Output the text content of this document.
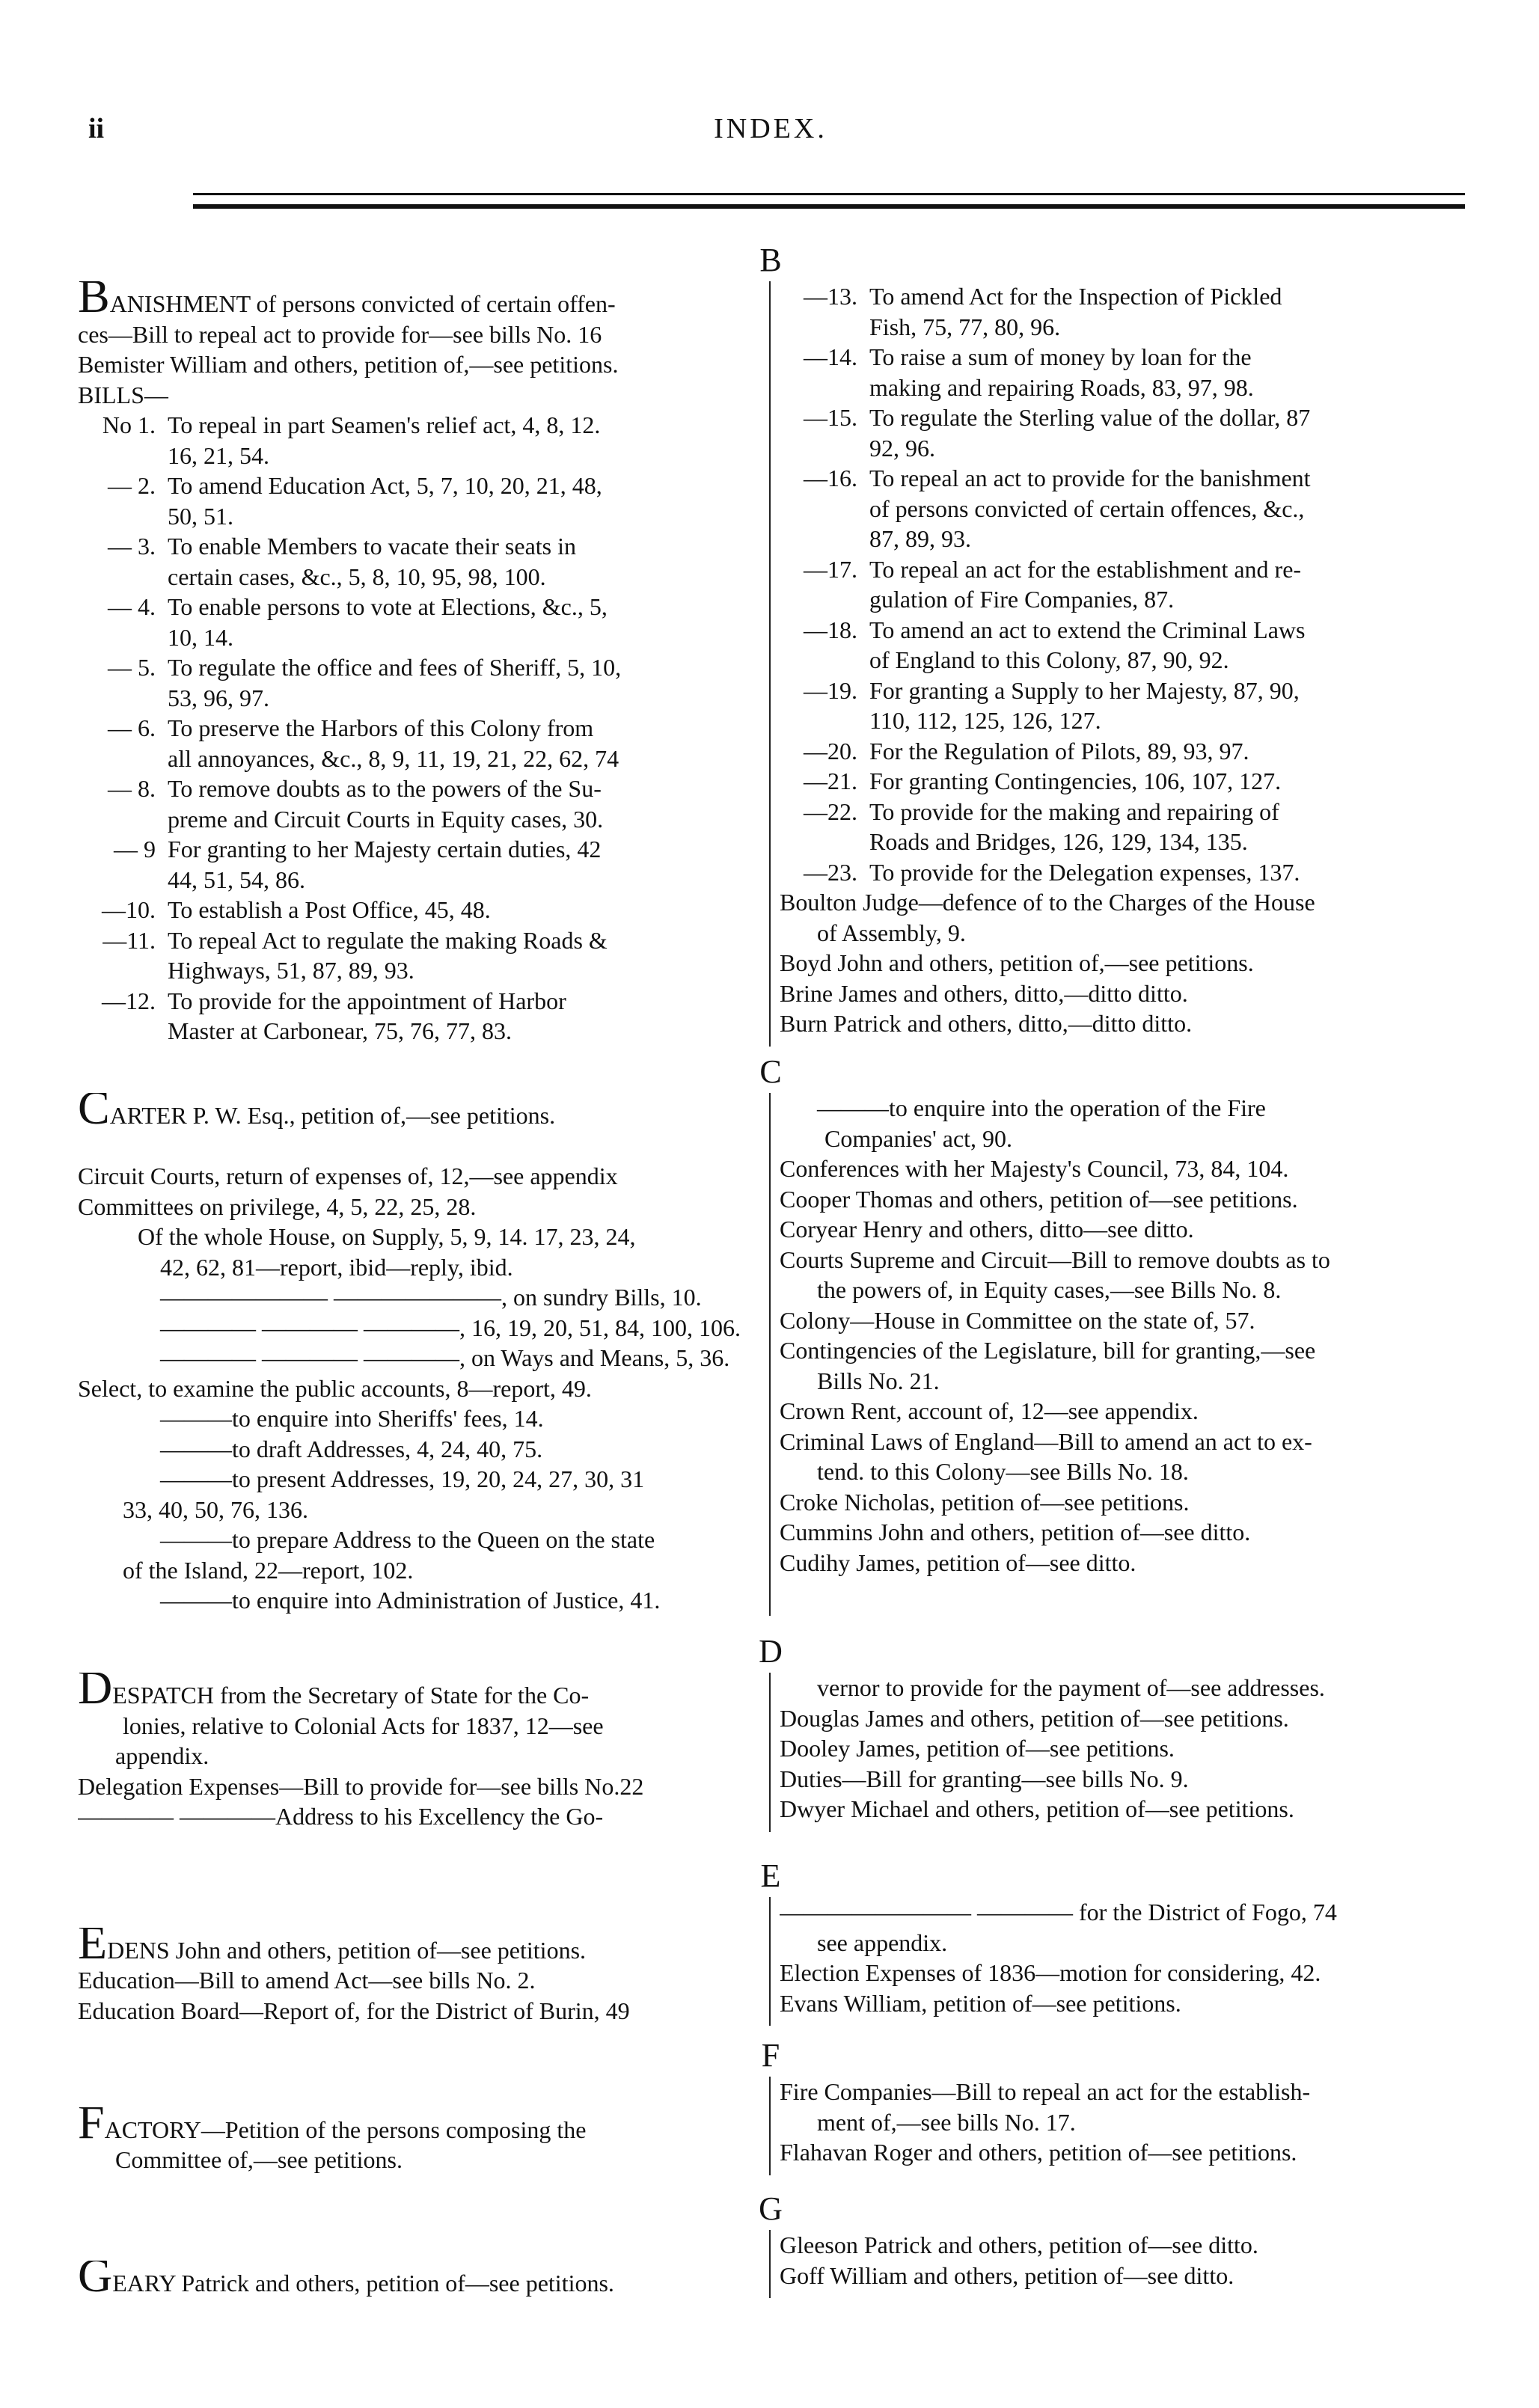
ii	INDEX.
B
BANISHMENT of persons convicted of certain offen-
ces—Bill to repeal act to provide for—see bills No. 16
Bemister William and others, petition of,—see petitions.
BILLS—
No 1. To repeal in part Seamen's relief act, 4, 8, 12.
16, 21, 54.
— 2. To amend Education Act, 5, 7, 10, 20, 21, 48,
50, 51.
— 3. To enable Members to vacate their seats in
certain cases, &c., 5, 8, 10, 95, 98, 100.
— 4. To enable persons to vote at Elections, &c., 5,
10, 14.
— 5. To regulate the office and fees of Sheriff, 5, 10,
53, 96, 97.
— 6. To preserve the Harbors of this Colony from
all annoyances, &c., 8, 9, 11, 19, 21, 22, 62, 74
— 8. To remove doubts as to the powers of the Su-
preme and Circuit Courts in Equity cases, 30.
— 9 For granting to her Majesty certain duties, 42
44, 51, 54, 86.
—10. To establish a Post Office, 45, 48.
—11. To repeal Act to regulate the making Roads &
Highways, 51, 87, 89, 93.
—12. To provide for the appointment of Harbor
Master at Carbonear, 75, 76, 77, 83.
—13. To amend Act for the Inspection of Pickled
Fish, 75, 77, 80, 96.
—14. To raise a sum of money by loan for the
making and repairing Roads, 83, 97, 98.
—15. To regulate the Sterling value of the dollar, 87
92, 96.
—16. To repeal an act to provide for the banishment
of persons convicted of certain offences, &c.,
87, 89, 93.
—17. To repeal an act for the establishment and re-
gulation of Fire Companies, 87.
—18. To amend an act to extend the Criminal Laws
of England to this Colony, 87, 90, 92.
—19. For granting a Supply to her Majesty, 87, 90,
110, 112, 125, 126, 127.
—20. For the Regulation of Pilots, 89, 93, 97.
—21. For granting Contingencies, 106, 107, 127.
—22. To provide for the making and repairing of
Roads and Bridges, 126, 129, 134, 135.
—23. To provide for the Delegation expenses, 137.
Boulton Judge—defence of to the Charges of the House
of Assembly, 9.
Boyd John and others, petition of,—see petitions.
Brine James and others, ditto,—ditto ditto.
Burn Patrick and others, ditto,—ditto ditto.
C
CARTER P. W. Esq., petition of,—see petitions.

Circuit Courts, return of expenses of, 12,—see appendix
Committees on privilege, 4, 5, 22, 25, 28.
Of the whole House, on Supply, 5, 9, 14. 17, 23, 24,
42, 62, 81—report, ibid—reply, ibid.
——————— ———————, on sundry Bills, 10.
———— ———— ————, 16, 19, 20, 51, 84, 100, 106.
———— ———— ————, on Ways and Means, 5, 36.
Select, to examine the public accounts, 8—report, 49.
———to enquire into Sheriffs' fees, 14.
———to draft Addresses, 4, 24, 40, 75.
———to present Addresses, 19, 20, 24, 27, 30, 31
33, 40, 50, 76, 136.
———to prepare Address to the Queen on the state
of the Island, 22—report, 102.
———to enquire into Administration of Justice, 41.
———to enquire into the operation of the Fire
Companies' act, 90.
Conferences with her Majesty's Council, 73, 84, 104.
Cooper Thomas and others, petition of—see petitions.
Coryear Henry and others, ditto—see ditto.
Courts Supreme and Circuit—Bill to remove doubts as to
the powers of, in Equity cases,—see Bills No. 8.
Colony—House in Committee on the state of, 57.
Contingencies of the Legislature, bill for granting,—see
Bills No. 21.
Crown Rent, account of, 12—see appendix.
Criminal Laws of England—Bill to amend an act to ex-
tend. to this Colony—see Bills No. 18.
Croke Nicholas, petition of—see petitions.
Cummins John and others, petition of—see ditto.
Cudihy James, petition of—see ditto.
D
DESPATCH from the Secretary of State for the Co-
lonies, relative to Colonial Acts for 1837, 12—see
appendix.
Delegation Expenses—Bill to provide for—see bills No.22
———— ————Address to his Excellency the Go-
vernor to provide for the payment of—see addresses.
Douglas James and others, petition of—see petitions.
Dooley James, petition of—see petitions.
Duties—Bill for granting—see bills No. 9.
Dwyer Michael and others, petition of—see petitions.
E

EDENS John and others, petition of—see petitions.
Education—Bill to amend Act—see bills No. 2.
Education Board—Report of, for the District of Burin, 49
———————— ———— for the District of Fogo, 74
see appendix.
Election Expenses of 1836—motion for considering, 42.
Evans William, petition of—see petitions.
F

FACTORY—Petition of the persons composing the
Committee of,—see petitions.
Fire Companies—Bill to repeal an act for the establish-
ment of,—see bills No. 17.
Flahavan Roger and others, petition of—see petitions.
G

GEARY Patrick and others, petition of—see petitions.
Gleeson Patrick and others, petition of—see ditto.
Goff William and others, petition of—see ditto.
